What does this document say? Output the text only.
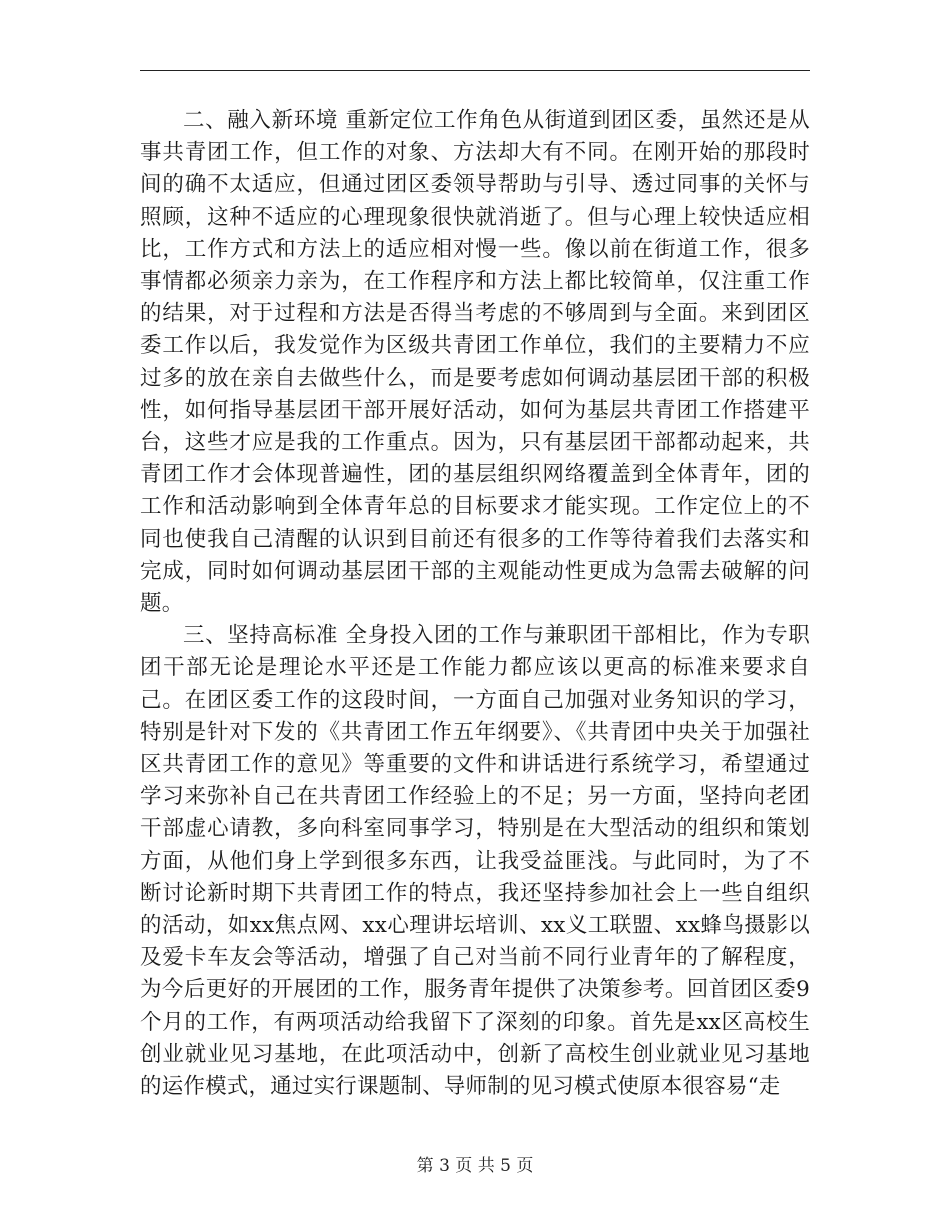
二、融入新环境 重新定位工作角色从街道到团区委，虽然还是从事共青团工作，但工作的对象、方法却大有不同。在刚开始的那段时间的确不太适应，但通过团区委领导帮助与引导、透过同事的关怀与照顾，这种不适应的心理现象很快就消逝了。但与心理上较快适应相比，工作方式和方法上的适应相对慢一些。像以前在街道工作，很多事情都必须亲力亲为，在工作程序和方法上都比较简单，仅注重工作的结果，对于过程和方法是否得当考虑的不够周到与全面。来到团区委工作以后，我发觉作为区级共青团工作单位，我们的主要精力不应过多的放在亲自去做些什么，而是要考虑如何调动基层团干部的积极性，如何指导基层团干部开展好活动，如何为基层共青团工作搭建平台，这些才应是我的工作重点。因为，只有基层团干部都动起来，共青团工作才会体现普遍性，团的基层组织网络覆盖到全体青年，团的工作和活动影响到全体青年总的目标要求才能实现。工作定位上的不同也使我自己清醒的认识到目前还有很多的工作等待着我们去落实和完成，同时如何调动基层团干部的主观能动性更成为急需去破解的问题。

三、坚持高标准 全身投入团的工作与兼职团干部相比，作为专职团干部无论是理论水平还是工作能力都应该以更高的标准来要求自己。在团区委工作的这段时间，一方面自己加强对业务知识的学习，特别是针对下发的《共青团工作五年纲要》、《共青团中央关于加强社区共青团工作的意见》等重要的文件和讲话进行系统学习，希望通过学习来弥补自己在共青团工作经验上的不足；另一方面，坚持向老团干部虚心请教，多向科室同事学习，特别是在大型活动的组织和策划方面，从他们身上学到很多东西，让我受益匪浅。与此同时，为了不断讨论新时期下共青团工作的特点，我还坚持参加社会上一些自组织的活动，如xx焦点网、xx心理讲坛培训、xx义工联盟、xx蜂鸟摄影以及爱卡车友会等活动，增强了自己对当前不同行业青年的了解程度，为今后更好的开展团的工作，服务青年提供了决策参考。回首团区委9个月的工作，有两项活动给我留下了深刻的印象。首先是xx区高校生创业就业见习基地，在此项活动中，创新了高校生创业就业见习基地的运作模式，通过实行课题制、导师制的见习模式使原本很容易“走

第 3 页 共 5 页
